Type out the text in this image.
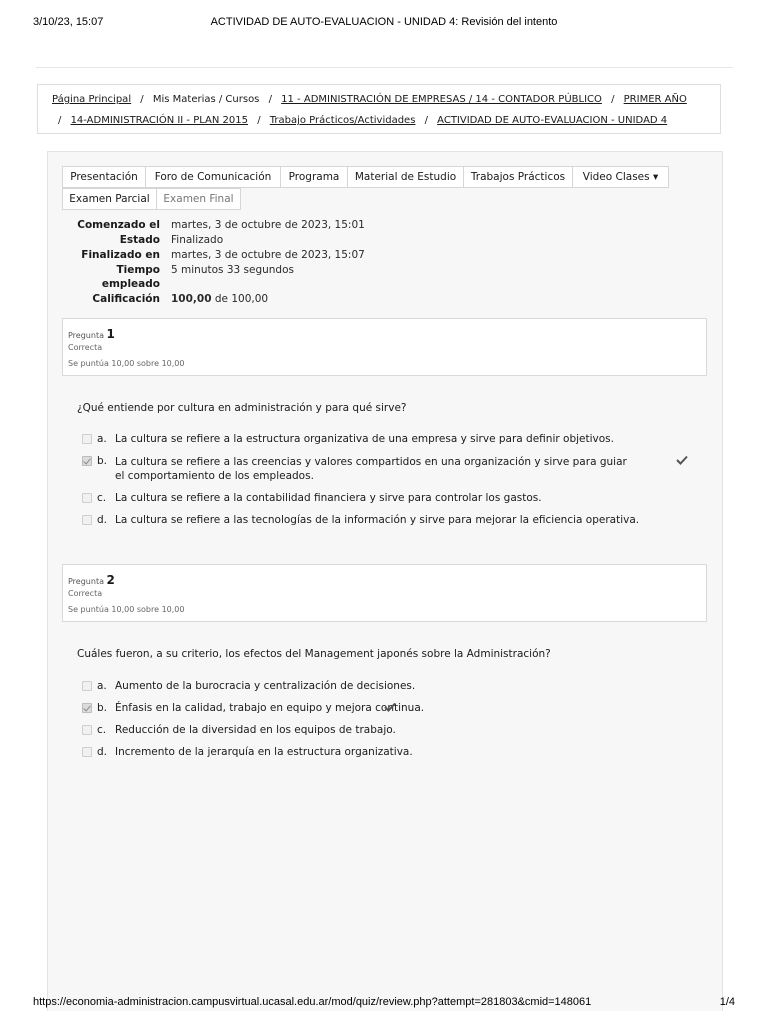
3/10/23, 15:07	ACTIVIDAD DE AUTO-EVALUACION - UNIDAD 4: Revisión del intento
Página Principal / Mis Materias / Cursos / 11 - ADMINISTRACIÓN DE EMPRESAS / 14 - CONTADOR PÚBLICO / PRIMER AÑO
/ 14-ADMINISTRACIÓN II - PLAN 2015 / Trabajo Prácticos/Actividades / ACTIVIDAD DE AUTO-EVALUACION - UNIDAD 4
Presentación	Foro de Comunicación	Programa	Material de Estudio	Trabajos Prácticos	Video Clases ▾
Examen Parcial	Examen Final
Comenzado el martes, 3 de octubre de 2023, 15:01
Estado Finalizado
Finalizado en martes, 3 de octubre de 2023, 15:07
Tiempo 5 minutos 33 segundos
empleado
Calificación 100,00 de 100,00
Pregunta 1
Correcta
Se puntúa 10,00 sobre 10,00
¿Qué entiende por cultura en administración y para qué sirve?
a. La cultura se refiere a la estructura organizativa de una empresa y sirve para definir objetivos.
b. La cultura se refiere a las creencias y valores compartidos en una organización y sirve para guiar el comportamiento de los empleados.
c. La cultura se refiere a la contabilidad financiera y sirve para controlar los gastos.
d. La cultura se refiere a las tecnologías de la información y sirve para mejorar la eficiencia operativa.
Pregunta 2
Correcta
Se puntúa 10,00 sobre 10,00
Cuáles fueron, a su criterio, los efectos del Management japonés sobre la Administración?
a. Aumento de la burocracia y centralización de decisiones.
b. Énfasis en la calidad, trabajo en equipo y mejora continua.
c. Reducción de la diversidad en los equipos de trabajo.
d. Incremento de la jerarquía en la estructura organizativa.
https://economia-administracion.campusvirtual.ucasal.edu.ar/mod/quiz/review.php?attempt=281803&cmid=148061	1/4
